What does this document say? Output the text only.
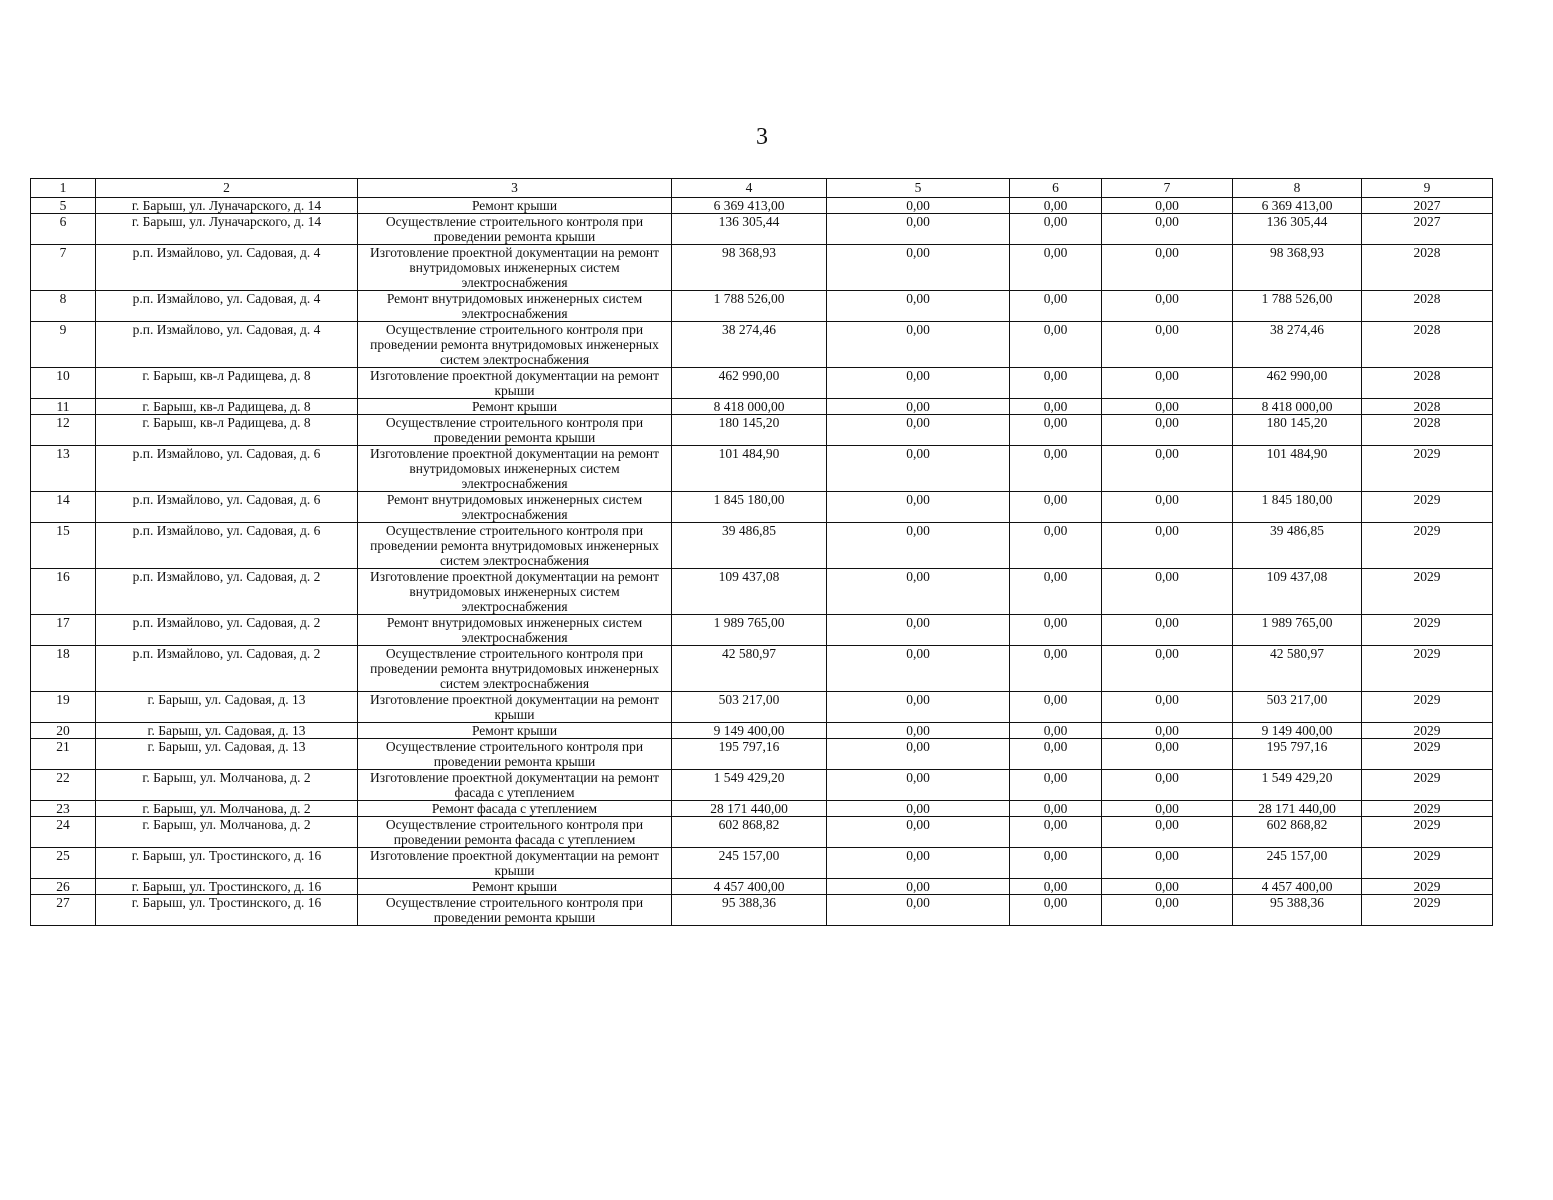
3
1	2	3	4	5	6	7	8	9
5	г. Барыш, ул. Луначарского, д. 14	Ремонт крыши	6 369 413,00	0,00	0,00	0,00	6 369 413,00	2027
6	г. Барыш, ул. Луначарского, д. 14	Осуществление строительного контроля при проведении ремонта крыши	136 305,44	0,00	0,00	0,00	136 305,44	2027
7	р.п. Измайлово, ул. Садовая, д. 4	Изготовление проектной документации на ремонт внутридомовых инженерных систем электроснабжения	98 368,93	0,00	0,00	0,00	98 368,93	2028
8	р.п. Измайлово, ул. Садовая, д. 4	Ремонт внутридомовых инженерных систем электроснабжения	1 788 526,00	0,00	0,00	0,00	1 788 526,00	2028
9	р.п. Измайлово, ул. Садовая, д. 4	Осуществление строительного контроля при проведении ремонта внутридомовых инженерных систем электроснабжения	38 274,46	0,00	0,00	0,00	38 274,46	2028
10	г. Барыш, кв-л Радищева, д. 8	Изготовление проектной документации на ремонт крыши	462 990,00	0,00	0,00	0,00	462 990,00	2028
11	г. Барыш, кв-л Радищева, д. 8	Ремонт крыши	8 418 000,00	0,00	0,00	0,00	8 418 000,00	2028
12	г. Барыш, кв-л Радищева, д. 8	Осуществление строительного контроля при проведении ремонта крыши	180 145,20	0,00	0,00	0,00	180 145,20	2028
13	р.п. Измайлово, ул. Садовая, д. 6	Изготовление проектной документации на ремонт внутридомовых инженерных систем электроснабжения	101 484,90	0,00	0,00	0,00	101 484,90	2029
14	р.п. Измайлово, ул. Садовая, д. 6	Ремонт внутридомовых инженерных систем электроснабжения	1 845 180,00	0,00	0,00	0,00	1 845 180,00	2029
15	р.п. Измайлово, ул. Садовая, д. 6	Осуществление строительного контроля при проведении ремонта внутридомовых инженерных систем электроснабжения	39 486,85	0,00	0,00	0,00	39 486,85	2029
16	р.п. Измайлово, ул. Садовая, д. 2	Изготовление проектной документации на ремонт внутридомовых инженерных систем электроснабжения	109 437,08	0,00	0,00	0,00	109 437,08	2029
17	р.п. Измайлово, ул. Садовая, д. 2	Ремонт внутридомовых инженерных систем электроснабжения	1 989 765,00	0,00	0,00	0,00	1 989 765,00	2029
18	р.п. Измайлово, ул. Садовая, д. 2	Осуществление строительного контроля при проведении ремонта внутридомовых инженерных систем электроснабжения	42 580,97	0,00	0,00	0,00	42 580,97	2029
19	г. Барыш, ул. Садовая, д. 13	Изготовление проектной документации на ремонт крыши	503 217,00	0,00	0,00	0,00	503 217,00	2029
20	г. Барыш, ул. Садовая, д. 13	Ремонт крыши	9 149 400,00	0,00	0,00	0,00	9 149 400,00	2029
21	г. Барыш, ул. Садовая, д. 13	Осуществление строительного контроля при проведении ремонта крыши	195 797,16	0,00	0,00	0,00	195 797,16	2029
22	г. Барыш, ул. Молчанова, д. 2	Изготовление проектной документации на ремонт фасада с утеплением	1 549 429,20	0,00	0,00	0,00	1 549 429,20	2029
23	г. Барыш, ул. Молчанова, д. 2	Ремонт фасада с утеплением	28 171 440,00	0,00	0,00	0,00	28 171 440,00	2029
24	г. Барыш, ул. Молчанова, д. 2	Осуществление строительного контроля при проведении ремонта фасада с утеплением	602 868,82	0,00	0,00	0,00	602 868,82	2029
25	г. Барыш, ул. Тростинского, д. 16	Изготовление проектной документации на ремонт крыши	245 157,00	0,00	0,00	0,00	245 157,00	2029
26	г. Барыш, ул. Тростинского, д. 16	Ремонт крыши	4 457 400,00	0,00	0,00	0,00	4 457 400,00	2029
27	г. Барыш, ул. Тростинского, д. 16	Осуществление строительного контроля при проведении ремонта крыши	95 388,36	0,00	0,00	0,00	95 388,36	2029
